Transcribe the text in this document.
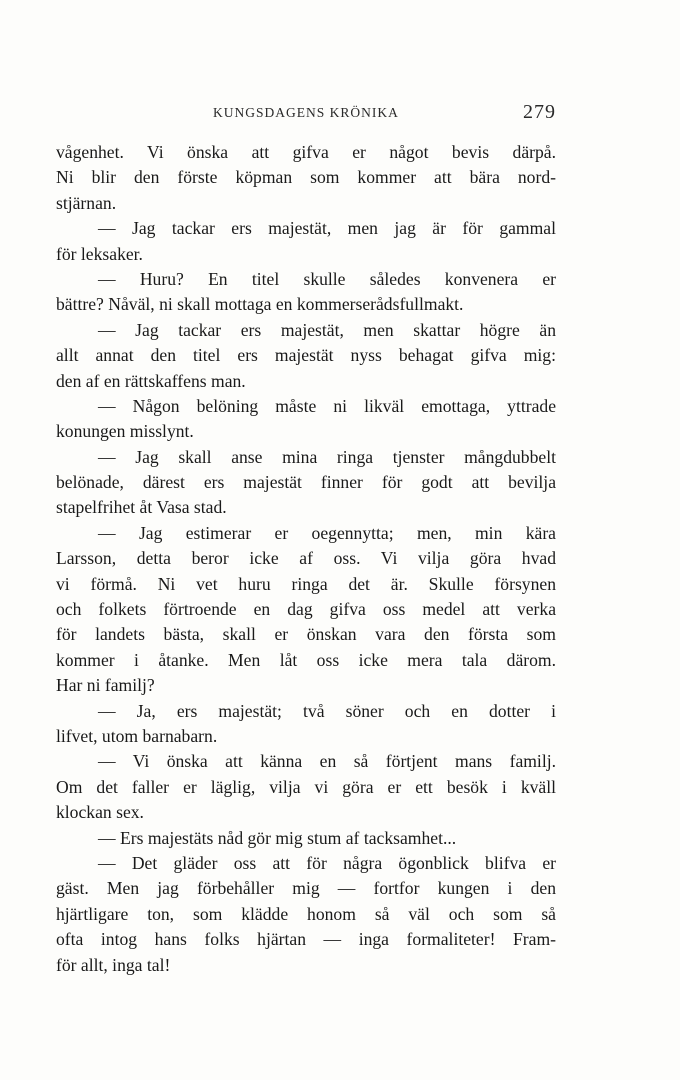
KUNGSDAGENS KRÖNIKA	279
vågenhet. Vi önska att gifva er något bevis därpå.
Ni blir den förste köpman som kommer att bära nord-
stjärnan.
— Jag tackar ers majestät, men jag är för gammal
för leksaker.
— Huru? En titel skulle således konvenera er
bättre? Nåväl, ni skall mottaga en kommerserådsfullmakt.
— Jag tackar ers majestät, men skattar högre än
allt annat den titel ers majestät nyss behagat gifva mig:
den af en rättskaffens man.
— Någon belöning måste ni likväl emottaga, yttrade
konungen misslynt.
— Jag skall anse mina ringa tjenster mångdubbelt
belönade, därest ers majestät finner för godt att bevilja
stapelfrihet åt Vasa stad.
— Jag estimerar er oegennytta; men, min kära
Larsson, detta beror icke af oss. Vi vilja göra hvad
vi förmå. Ni vet huru ringa det är. Skulle försynen
och folkets förtroende en dag gifva oss medel att verka
för landets bästa, skall er önskan vara den första som
kommer i åtanke. Men låt oss icke mera tala därom.
Har ni familj?
— Ja, ers majestät; två söner och en dotter i
lifvet, utom barnabarn.
— Vi önska att känna en så förtjent mans familj.
Om det faller er läglig, vilja vi göra er ett besök i kväll
klockan sex.
— Ers majestäts nåd gör mig stum af tacksamhet...
— Det gläder oss att för några ögonblick blifva er
gäst. Men jag förbehåller mig — fortfor kungen i den
hjärtligare ton, som klädde honom så väl och som så
ofta intog hans folks hjärtan — inga formaliteter! Fram-
för allt, inga tal!
